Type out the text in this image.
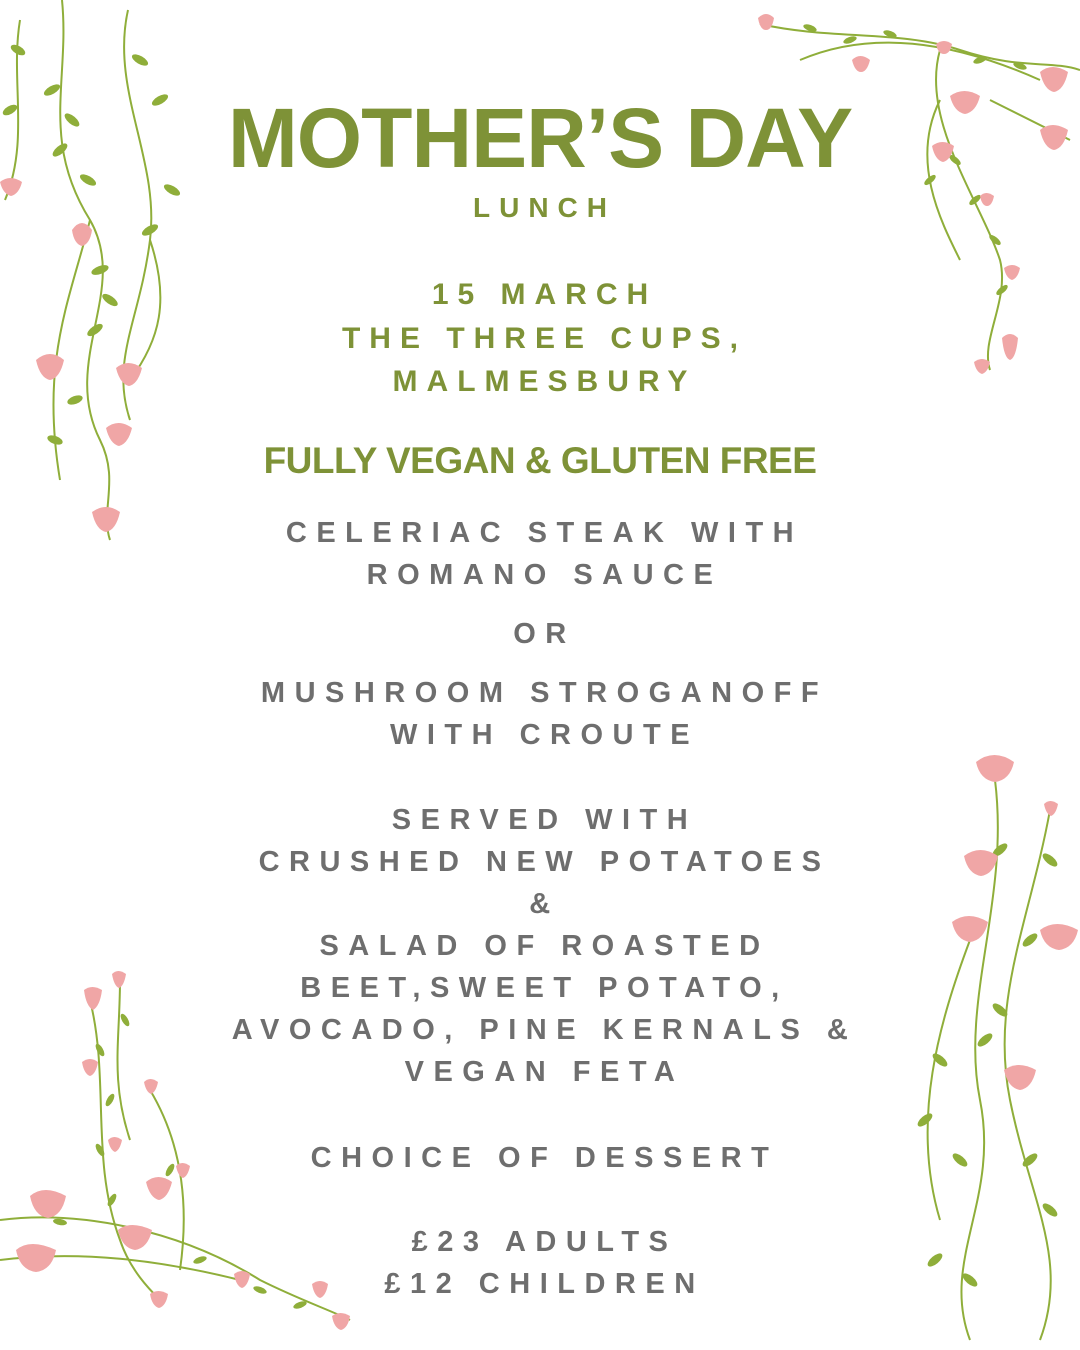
MOTHER’S DAY
LUNCH
15 MARCH
THE THREE CUPS,
MALMESBURY
FULLY VEGAN & GLUTEN FREE
CELERIAC STEAK WITH
ROMANO SAUCE
OR
MUSHROOM STROGANOFF
WITH CROUTE
SERVED WITH
CRUSHED NEW POTATOES
&
SALAD OF ROASTED
BEET,SWEET POTATO,
AVOCADO, PINE KERNALS &
VEGAN FETA
CHOICE OF DESSERT
£23 ADULTS
£12 CHILDREN
